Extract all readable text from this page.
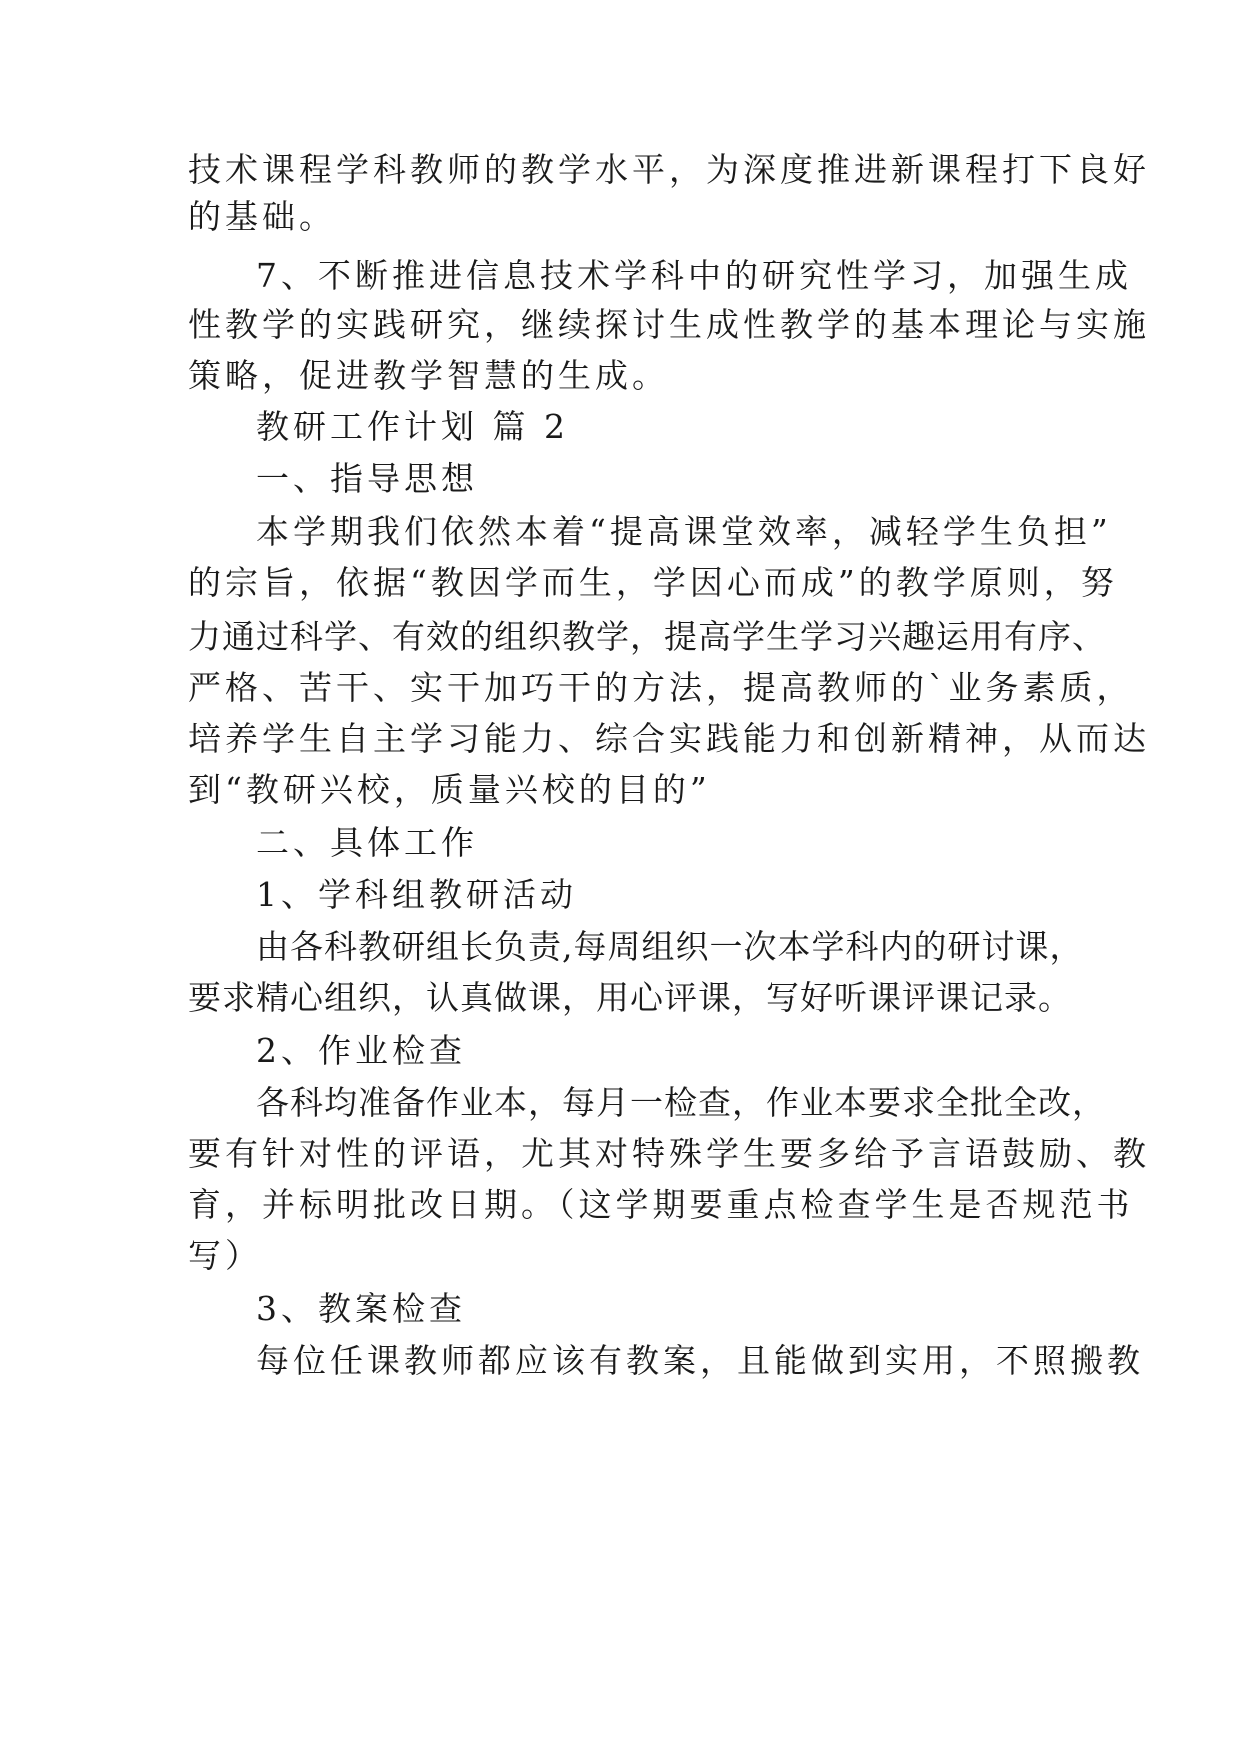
技术课程学科教师的教学水平，为深度推进新课程打下良好
的基础。
7、不断推进信息技术学科中的研究性学习，加强生成
性教学的实践研究，继续探讨生成性教学的基本理论与实施
策略，促进教学智慧的生成。
教研工作计划 篇 2
一、指导思想
本学期我们依然本着“提高课堂效率，减轻学生负担”
的宗旨，依据“教因学而生，学因心而成”的教学原则，努
力通过科学、有效的组织教学，提高学生学习兴趣运用有序、
严格、苦干、实干加巧干的方法，提高教师的`业务素质，
培养学生自主学习能力、综合实践能力和创新精神，从而达
到“教研兴校，质量兴校的目的”
二、具体工作
1、学科组教研活动
由各科教研组长负责,每周组织一次本学科内的研讨课，
要求精心组织，认真做课，用心评课，写好听课评课记录。
2、作业检查
各科均准备作业本，每月一检查，作业本要求全批全改，
要有针对性的评语，尤其对特殊学生要多给予言语鼓励、教
育，并标明批改日期。（这学期要重点检查学生是否规范书
写）
3、教案检查
每位任课教师都应该有教案，且能做到实用，不照搬教
